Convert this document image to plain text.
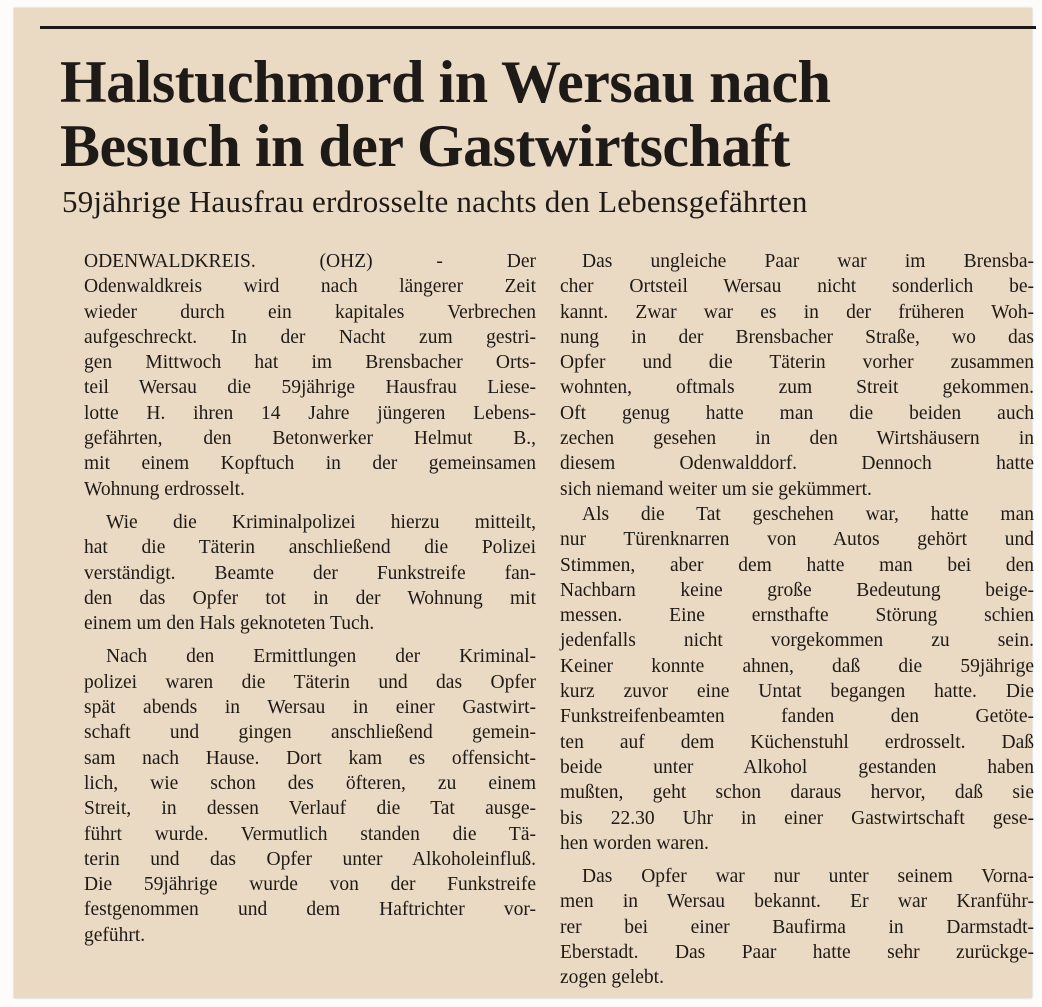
Halstuchmord in Wersau nach
Besuch in der Gastwirtschaft
59jährige Hausfrau erdrosselte nachts den Lebensgefährten
ODENWALDKREIS. (OHZ) - Der
Odenwaldkreis wird nach längerer Zeit
wieder durch ein kapitales Verbrechen
aufgeschreckt. In der Nacht zum gestri-
gen Mittwoch hat im Brensbacher Orts-
teil Wersau die 59jährige Hausfrau Liese-
lotte H. ihren 14 Jahre jüngeren Lebens-
gefährten, den Betonwerker Helmut B.,
mit einem Kopftuch in der gemeinsamen
Wohnung erdrosselt.
Wie die Kriminalpolizei hierzu mitteilt,
hat die Täterin anschließend die Polizei
verständigt. Beamte der Funkstreife fan-
den das Opfer tot in der Wohnung mit
einem um den Hals geknoteten Tuch.
Nach den Ermittlungen der Kriminal-
polizei waren die Täterin und das Opfer
spät abends in Wersau in einer Gastwirt-
schaft und gingen anschließend gemein-
sam nach Hause. Dort kam es offensicht-
lich, wie schon des öfteren, zu einem
Streit, in dessen Verlauf die Tat ausge-
führt wurde. Vermutlich standen die Tä-
terin und das Opfer unter Alkoholeinfluß.
Die 59jährige wurde von der Funkstreife
festgenommen und dem Haftrichter vor-
geführt.
Das ungleiche Paar war im Brensba-
cher Ortsteil Wersau nicht sonderlich be-
kannt. Zwar war es in der früheren Woh-
nung in der Brensbacher Straße, wo das
Opfer und die Täterin vorher zusammen
wohnten, oftmals zum Streit gekommen.
Oft genug hatte man die beiden auch
zechen gesehen in den Wirtshäusern in
diesem Odenwalddorf. Dennoch hatte
sich niemand weiter um sie gekümmert.
Als die Tat geschehen war, hatte man
nur Türenknarren von Autos gehört und
Stimmen, aber dem hatte man bei den
Nachbarn keine große Bedeutung beige-
messen. Eine ernsthafte Störung schien
jedenfalls nicht vorgekommen zu sein.
Keiner konnte ahnen, daß die 59jährige
kurz zuvor eine Untat begangen hatte. Die
Funkstreifenbeamten fanden den Getöte-
ten auf dem Küchenstuhl erdrosselt. Daß
beide unter Alkohol gestanden haben
mußten, geht schon daraus hervor, daß sie
bis 22.30 Uhr in einer Gastwirtschaft gese-
hen worden waren.
Das Opfer war nur unter seinem Vorna-
men in Wersau bekannt. Er war Kranführ-
rer bei einer Baufirma in Darmstadt-
Eberstadt. Das Paar hatte sehr zurückge-
zogen gelebt.
